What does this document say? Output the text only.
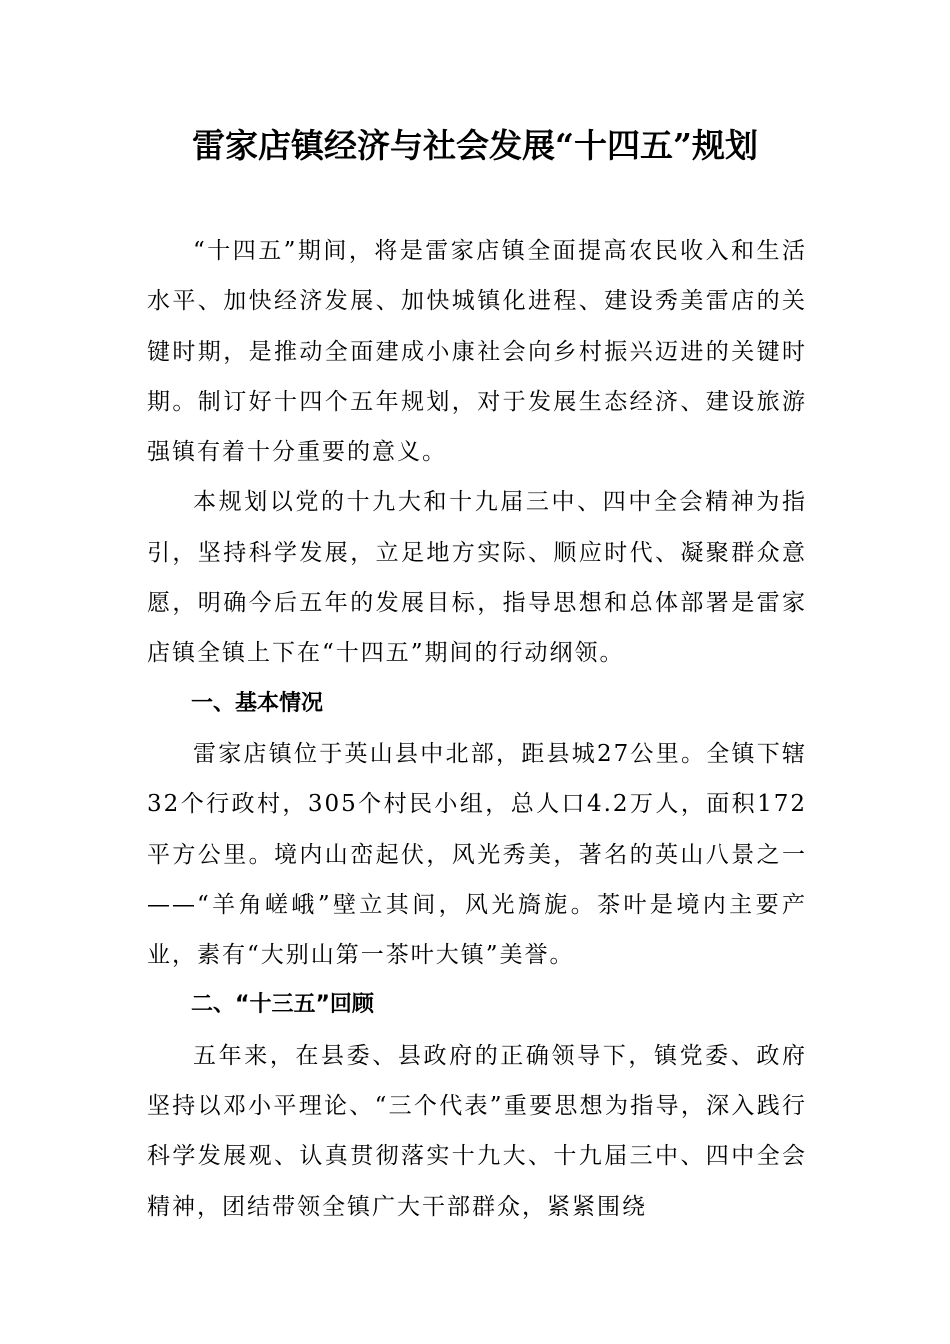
雷家店镇经济与社会发展“十四五”规划

“十四五”期间，将是雷家店镇全面提高农民收入和生活水平、加快经济发展、加快城镇化进程、建设秀美雷店的关键时期，是推动全面建成小康社会向乡村振兴迈进的关键时期。制订好十四个五年规划，对于发展生态经济、建设旅游强镇有着十分重要的意义。

本规划以党的十九大和十九届三中、四中全会精神为指引，坚持科学发展，立足地方实际、顺应时代、凝聚群众意愿，明确今后五年的发展目标，指导思想和总体部署是雷家店镇全镇上下在“十四五”期间的行动纲领。

一、基本情况

雷家店镇位于英山县中北部，距县城27公里。全镇下辖32个行政村，305个村民小组，总人口4.2万人，面积172平方公里。境内山峦起伏，风光秀美，著名的英山八景之一——“羊角嵯峨”壁立其间，风光旖旎。茶叶是境内主要产业，素有“大别山第一茶叶大镇”美誉。

二、“十三五”回顾

五年来，在县委、县政府的正确领导下，镇党委、政府坚持以邓小平理论、“三个代表”重要思想为指导，深入践行科学发展观、认真贯彻落实十九大、十九届三中、四中全会精神，团结带领全镇广大干部群众，紧紧围绕
